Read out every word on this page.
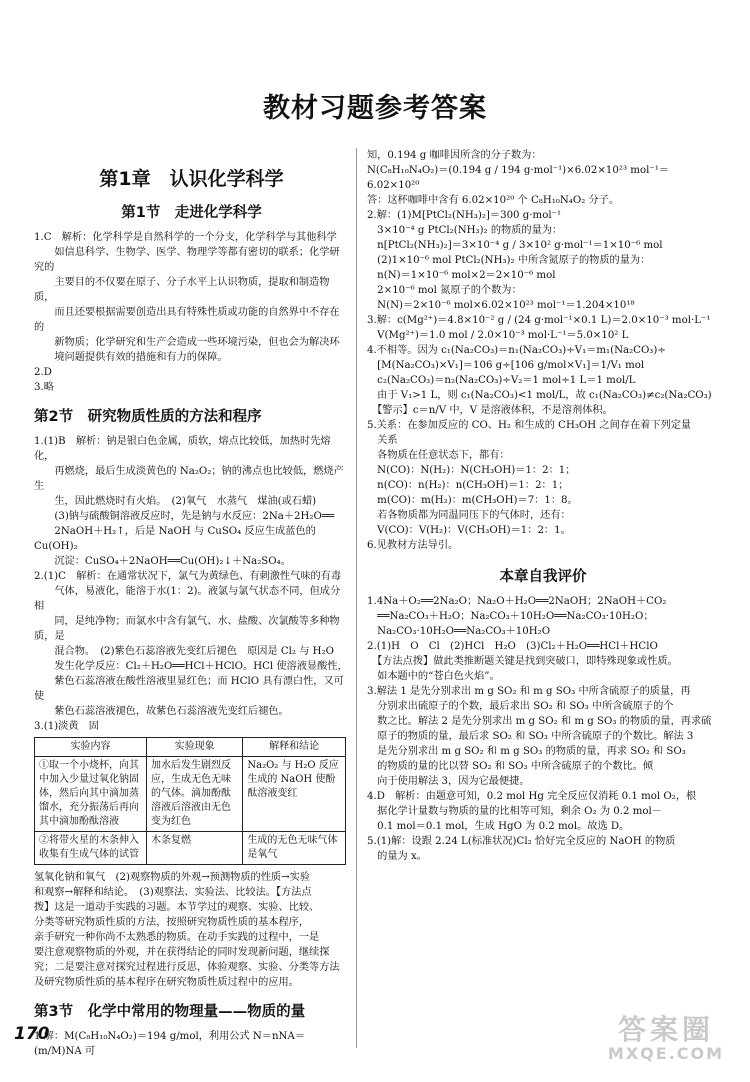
教材习题参考答案
第1章　认识化学科学
第1节　走进化学科学

1.C　解析：化学科学是自然科学的一个分支，化学科学与其他科学

　　如信息科学、生物学、医学、物理学等都有密切的联系；化学研究的

　　主要目的不仅要在原子、分子水平上认识物质，提取和制造物质，

　　而且还要根据需要创造出具有特殊性质或功能的自然界中不存在的

　　新物质；化学研究和生产会造成一些环境污染，但也会为解决环

　　境问题提供有效的措施和有力的保障。

2.D

3.略

第2节　研究物质性质的方法和程序

1.(1)B　解析：钠是银白色金属，质软，熔点比较低，加热时先熔化，

　　再燃烧，最后生成淡黄色的 Na₂O₂；钠的沸点也比较低，燃烧产生

　　生，因此燃烧时有火焰。　(2)氧气　水蒸气　煤油(或石蜡)

　　(3)钠与硫酸铜溶液反应时，先是钠与水反应：2Na＋2H₂O══

　　2NaOH＋H₂↑，后是 NaOH 与 CuSO₄ 反应生成蓝色的 Cu(OH)₂

　　沉淀：CuSO₄＋2NaOH══Cu(OH)₂↓＋Na₂SO₄。

2.(1)C　解析：在通常状况下，氯气为黄绿色、有刺激性气味的有毒

　　气体，易液化，能溶于水(1：2)。液氯与氯气状态不同，但成分相

　　同，是纯净物；而氯水中含有氯气、水、盐酸、次氯酸等多种物质，是

　　混合物。　(2)紫色石蕊溶液先变红后褪色　原因是 Cl₂ 与 H₂O

　　发生化学反应：Cl₂＋H₂O══HCl＋HClO。HCl 使溶液显酸性，

　　紫色石蕊溶液在酸性溶液里显红色；而 HClO 具有漂白性，又可使

　　紫色石蕊溶液褪色，故紫色石蕊溶液先变红后褪色。

3.(1)淡黄　固

实验内容	实验现象	解释和结论
①取一个小烧杯，向其中加入少量过氧化钠固体，然后向其中滴加蒸馏水，充分振荡后再向其中滴加酚酞溶液	加水后发生剧烈反应，生成无色无味的气体。滴加酚酞溶液后溶液由无色变为红色	Na₂O₂ 与 H₂O 反应生成的 NaOH 使酚酞溶液变红
②将带火星的木条伸入收集有生成气体的试管	木条复燃	生成的无色无味气体是氧气

氢氧化钠和氧气　(2)观察物质的外观→预测物质的性质→实验

和观察→解释和结论。　(3)观察法、实验法、比较法。【方法点

拨】这是一道动手实践的习题。本节学过的观察、实验、比较、

分类等研究物质性质的方法，按照研究物质性质的基本程序，

亲手研究一种你尚不太熟悉的物质。在动手实践的过程中，一是

要注意观察物质的外观，并在获得结论的同时发现新问题，继续探

究；二是要注意对探究过程进行反思，体验观察、实验、分类等方法

及研究物质性质的基本程序在研究物质性质过程中的应用。

第3节　化学中常用的物理量——物质的量

1.解：M(C₈H₁₀N₄O₂)＝194 g/mol，利用公式 N＝nNA＝(m/M)NA 可

知，0.194 g 咖啡因所含的分子数为：

N(C₈H₁₀N₄O₂)＝(0.194 g / 194 g·mol⁻¹)×6.02×10²³ mol⁻¹＝6.02×10²⁰

答：这杯咖啡中含有 6.02×10²⁰ 个 C₈H₁₀N₄O₂ 分子。

2.解：(1)M[PtCl₂(NH₃)₂]＝300 g·mol⁻¹

　3×10⁻⁴ g PtCl₂(NH₃)₂ 的物质的量为：

　n[PtCl₂(NH₃)₂]＝3×10⁻⁴ g / 3×10² g·mol⁻¹＝1×10⁻⁶ mol

　(2)1×10⁻⁶ mol PtCl₂(NH₃)₂ 中所含氮原子的物质的量为：

　n(N)＝1×10⁻⁶ mol×2＝2×10⁻⁶ mol

　2×10⁻⁶ mol 氮原子的个数为：

　N(N)＝2×10⁻⁶ mol×6.02×10²³ mol⁻¹＝1.204×10¹⁸

3.解：c(Mg²⁺)＝4.8×10⁻² g / (24 g·mol⁻¹×0.1 L)＝2.0×10⁻³ mol·L⁻¹

　V(Mg²⁺)＝1.0 mol / 2.0×10⁻³ mol·L⁻¹＝5.0×10² L

4.不相等。因为 c₁(Na₂CO₃)＝n₁(Na₂CO₃)÷V₁＝m₁(Na₂CO₃)÷

　[M(Na₂CO₃)×V₁]＝106 g÷[106 g/mol×V₁]＝1/V₁ mol

　c₂(Na₂CO₃)＝n₂(Na₂CO₃)÷V₂＝1 mol÷1 L＝1 mol/L

　由于 V₁>1 L，则 c₁(Na₂CO₃)<1 mol/L，故 c₁(Na₂CO₃)≠c₂(Na₂CO₃)

　【警示】c＝n/V 中，V 是溶液体积，不是溶剂体积。

5.关系：在参加反应的 CO、H₂ 和生成的 CH₃OH 之间存在着下列定量

　关系

　各物质在任意状态下，都有：

　N(CO)：N(H₂)：N(CH₃OH)＝1：2：1；

　n(CO)：n(H₂)：n(CH₃OH)＝1：2：1；

　m(CO)：m(H₂)：m(CH₃OH)＝7：1：8。

　若各物质都为同温同压下的气体时，还有：

　V(CO)：V(H₂)：V(CH₃OH)＝1：2：1。

6.见教材方法导引。

本章自我评价

1.4Na＋O₂══2Na₂O；Na₂O＋H₂O══2NaOH；2NaOH＋CO₂

　══Na₂CO₃＋H₂O；Na₂CO₃＋10H₂O══Na₂CO₃·10H₂O；

　Na₂CO₃·10H₂O══Na₂CO₃＋10H₂O

2.(1)H　O　Cl　(2)HCl　H₂O　(3)Cl₂＋H₂O══HCl＋HClO

　【方法点拨】做此类推断题关键是找到突破口，即特殊现象或性质。

　如本题中的“苍白色火焰”。

3.解法 1 是先分别求出 m g SO₂ 和 m g SO₃ 中所含硫原子的质量，再

　分别求出硫原子的个数，最后求出 SO₂ 和 SO₃ 中所含硫原子的个

　数之比。解法 2 是先分别求出 m g SO₂ 和 m g SO₃ 的物质的量，再求硫

　原子的物质的量，最后求 SO₂ 和 SO₃ 中所含硫原子的个数比。解法 3

　是先分别求出 m g SO₂ 和 m g SO₃ 的物质的量，再求 SO₂ 和 SO₃

　的物质的量的比以替 SO₂ 和 SO₃ 中所含硫原子的个数比。倾

　向于使用解法 3，因为它最便捷。

4.D　解析：由题意可知，0.2 mol Hg 完全反应仅消耗 0.1 mol O₂，根

　据化学计量数与物质的量的比相等可知，剩余 O₂ 为 0.2 mol－

　0.1 mol＝0.1 mol，生成 HgO 为 0.2 mol。故选 D。

5.(1)解：设跟 2.24 L(标准状况)Cl₂ 恰好完全反应的 NaOH 的物质

　的量为 x。

170	答案圈
MXQE.COM
